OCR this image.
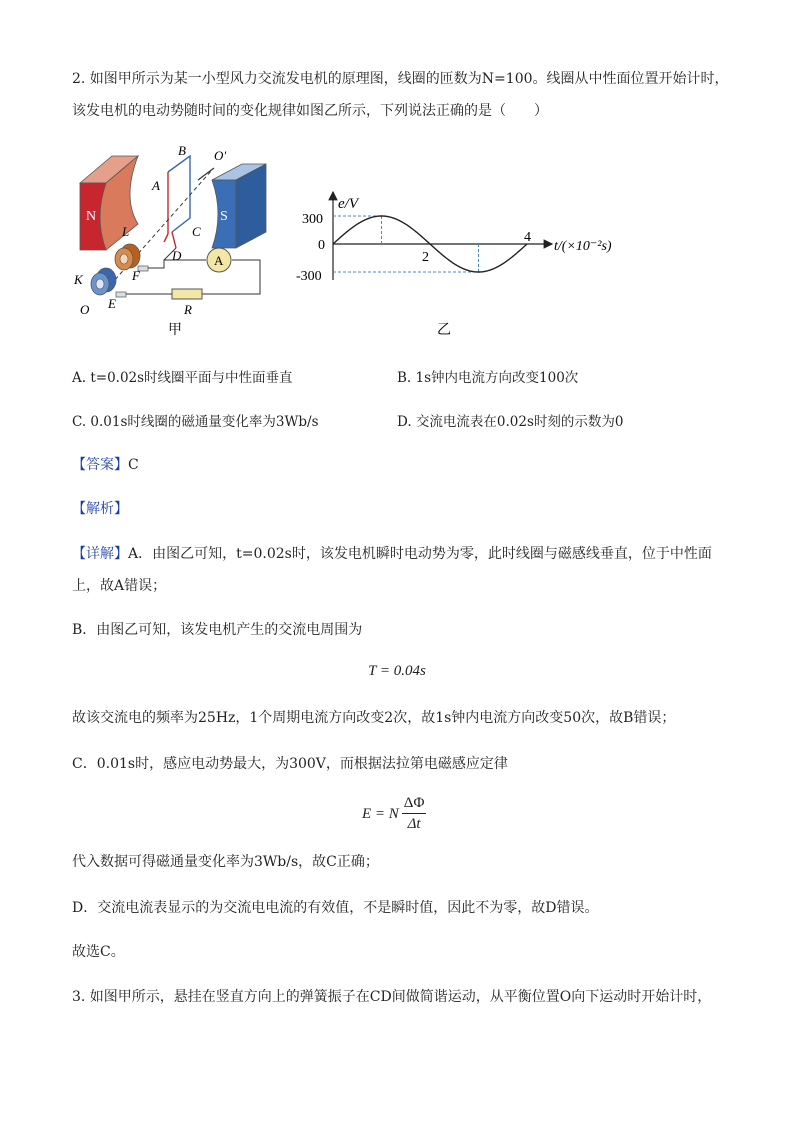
2. 如图甲所示为某一小型风力交流发电机的原理图，线圈的匝数为N=100。线圈从中性面位置开始计时，
该发电机的电动势随时间的变化规律如图乙所示，下列说法正确的是（　　）
N	S
A
B O′
A
C
D
L
F
K
E
O	R
甲
e/V
t/(×10⁻²s)
300
0
-300
2
4
乙
A. t=0.02s时线圈平面与中性面垂直	B. 1s钟内电流方向改变100次
C. 0.01s时线圈的磁通量变化率为3Wb/s	D. 交流电流表在0.02s时刻的示数为0
【答案】C
【解析】
【详解】A．由图乙可知，t=0.02s时，该发电机瞬时电动势为零，此时线圈与磁感线垂直，位于中性面
上，故A错误；
B．由图乙可知，该发电机产生的交流电周围为
T = 0.04s
故该交流电的频率为25Hz，1个周期电流方向改变2次，故1s钟内电流方向改变50次，故B错误；
C．0.01s时，感应电动势最大，为300V，而根据法拉第电磁感应定律
E = N $\frac{\Delta\Phi}{\Delta t}$
代入数据可得磁通量变化率为3Wb/s，故C正确；
D．交流电流表显示的为交流电电流的有效值，不是瞬时值，因此不为零，故D错误。
故选C。
3. 如图甲所示，悬挂在竖直方向上的弹簧振子在CD间做简谐运动，从平衡位置O向下运动时开始计时，
